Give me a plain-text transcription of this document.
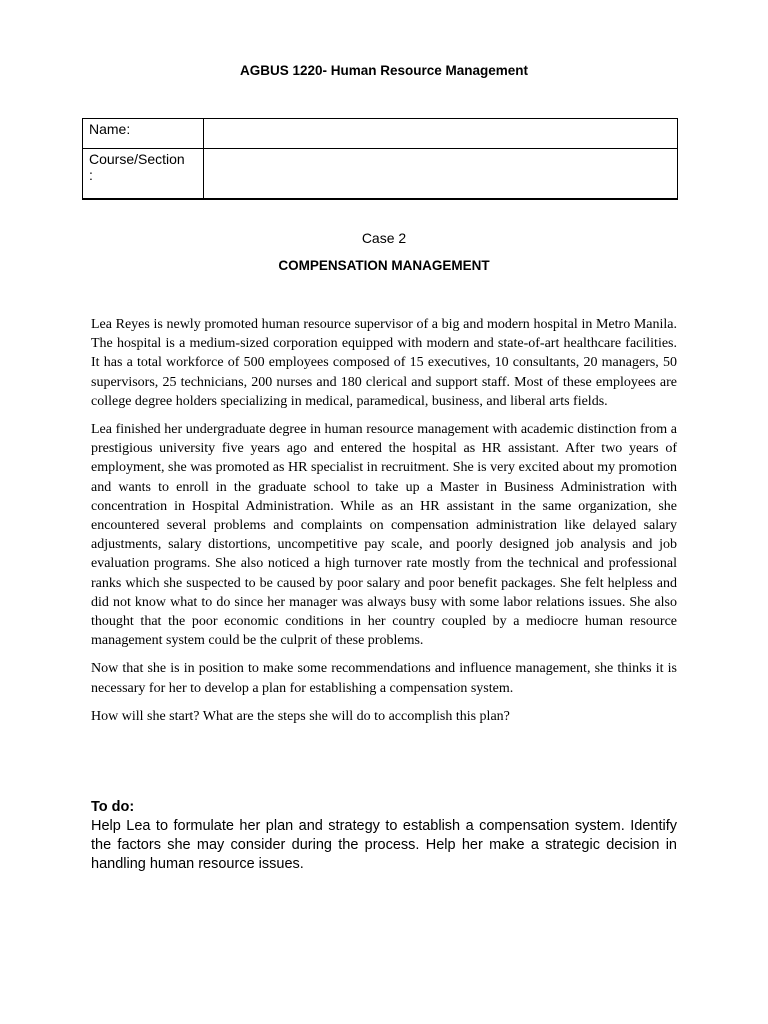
AGBUS 1220- Human Resource Management
Name:	
Course/Section
:	
Case 2
COMPENSATION MANAGEMENT

Lea Reyes is newly promoted human resource supervisor of a big and modern hospital in Metro Manila. The hospital is a medium-sized corporation equipped with modern and state-of-art healthcare facilities. It has a total workforce of 500 employees composed of 15 executives, 10 consultants, 20 managers, 50 supervisors, 25 technicians, 200 nurses and 180 clerical and support staff. Most of these employees are college degree holders specializing in medical, paramedical, business, and liberal arts fields.

Lea finished her undergraduate degree in human resource management with academic distinction from a prestigious university five years ago and entered the hospital as HR assistant. After two years of employment, she was promoted as HR specialist in recruitment. She is very excited about my promotion and wants to enroll in the graduate school to take up a Master in Business Administration with concentration in Hospital Administration. While as an HR assistant in the same organization, she encountered several problems and complaints on compensation administration like delayed salary adjustments, salary distortions, uncompetitive pay scale, and poorly designed job analysis and job evaluation programs. She also noticed a high turnover rate mostly from the technical and professional ranks which she suspected to be caused by poor salary and poor benefit packages. She felt helpless and did not know what to do since her manager was always busy with some labor relations issues. She also thought that the poor economic conditions in her country coupled by a mediocre human resource management system could be the culprit of these problems.

Now that she is in position to make some recommendations and influence management, she thinks it is necessary for her to develop a plan for establishing a compensation system.

How will she start? What are the steps she will do to accomplish this plan?

To do:

Help Lea to formulate her plan and strategy to establish a compensation system. Identify the factors she may consider during the process. Help her make a strategic decision in handling human resource issues.
